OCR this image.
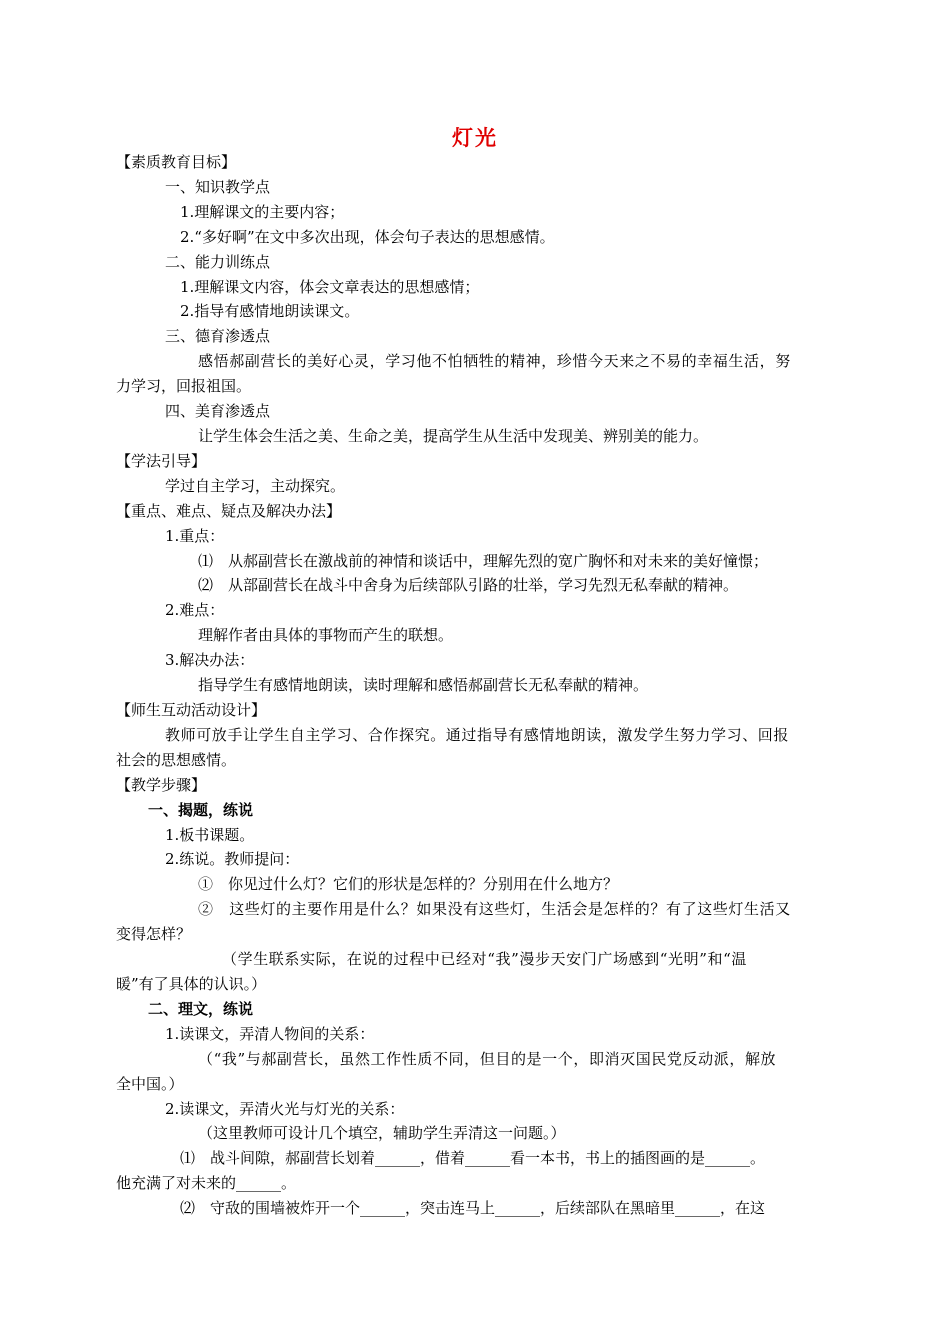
灯光
【素质教育目标】
一、知识教学点
1.理解课文的主要内容；
2.“多好啊”在文中多次出现，体会句子表达的思想感情。
二、能力训练点
1.理解课文内容，体会文章表达的思想感情；
2.指导有感情地朗读课文。
三、德育渗透点
感悟郝副营长的美好心灵，学习他不怕牺牲的精神，珍惜今天来之不易的幸福生活，努
力学习，回报祖国。
四、美育渗透点
让学生体会生活之美、生命之美，提高学生从生活中发现美、辨别美的能力。
【学法引导】
学过自主学习，主动探究。
【重点、难点、疑点及解决办法】
1.重点：
⑴　从郝副营长在激战前的神情和谈话中，理解先烈的宽广胸怀和对未来的美好憧憬；
⑵　从部副营长在战斗中舍身为后续部队引路的壮举，学习先烈无私奉献的精神。
2.难点：
理解作者由具体的事物而产生的联想。
3.解决办法：
指导学生有感情地朗读，读时理解和感悟郝副营长无私奉献的精神。
【师生互动活动设计】
教师可放手让学生自主学习、合作探究。通过指导有感情地朗读，激发学生努力学习、回报
社会的思想感情。
【教学步骤】
一、揭题，练说
1.板书课题。
2.练说。教师提问：
①　你见过什么灯？它们的形状是怎样的？分别用在什么地方？
②　这些灯的主要作用是什么？如果没有这些灯，生活会是怎样的？有了这些灯生活又
变得怎样？
（学生联系实际，在说的过程中已经对“我”漫步天安门广场感到“光明”和“温
暖”有了具体的认识。）
二、理文，练说
1.读课文，弄清人物间的关系：
（“我”与郝副营长，虽然工作性质不同，但目的是一个，即消灭国民党反动派，解放
全中国。）
2.读课文，弄清火光与灯光的关系：
（这里教师可设计几个填空，辅助学生弄清这一问题。）
⑴　战斗间隙，郝副营长划着______，借着______看一本书，书上的插图画的是______。
他充满了对未来的______。
⑵　守敌的围墙被炸开一个______，突击连马上______，后续部队在黑暗里______，在这
